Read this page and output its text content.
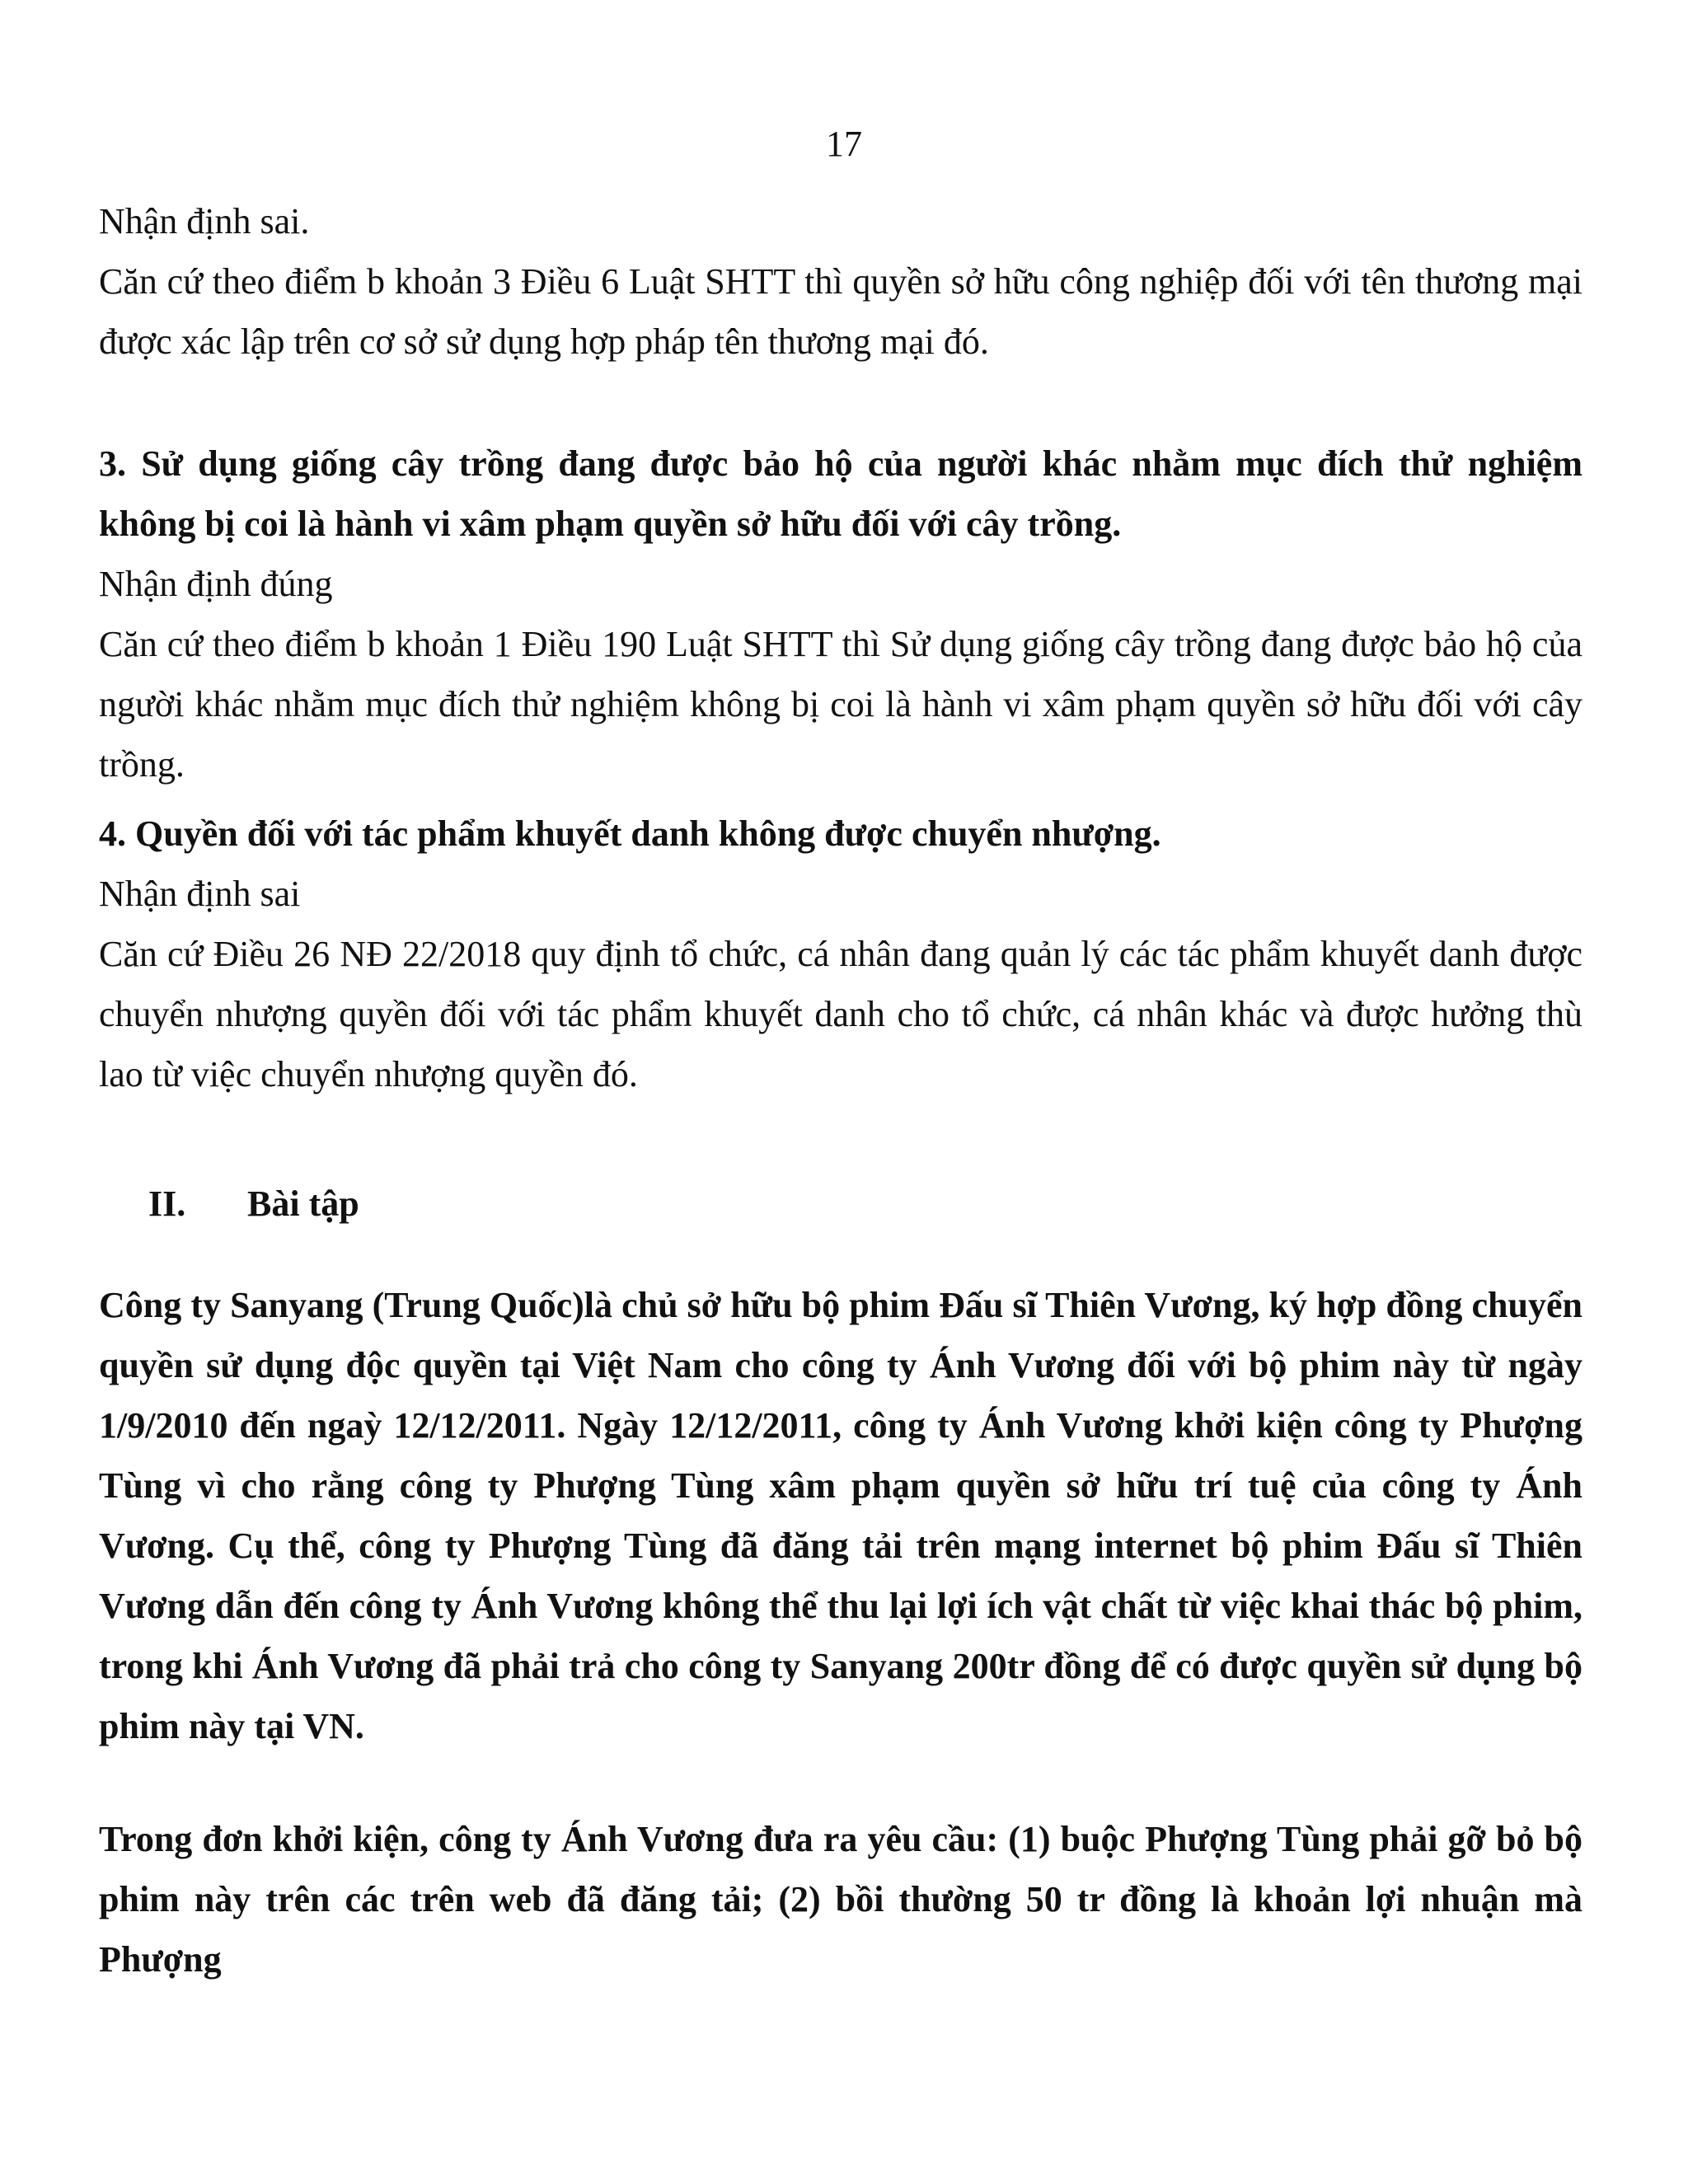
17

Nhận định sai.

Căn cứ theo điểm b khoản 3 Điều 6 Luật SHTT thì quyền sở hữu công nghiệp đối với tên thương mại được xác lập trên cơ sở sử dụng hợp pháp tên thương mại đó.

3. Sử dụng giống cây trồng đang được bảo hộ của người khác nhằm mục đích thử nghiệm không bị coi là hành vi xâm phạm quyền sở hữu đối với cây trồng.

Nhận định đúng

Căn cứ theo điểm b khoản 1 Điều 190 Luật SHTT thì Sử dụng giống cây trồng đang được bảo hộ của người khác nhằm mục đích thử nghiệm không bị coi là hành vi xâm phạm quyền sở hữu đối với cây trồng.

4. Quyền đối với tác phẩm khuyết danh không được chuyển nhượng.

Nhận định sai

Căn cứ Điều 26 NĐ 22/2018 quy định tổ chức, cá nhân đang quản lý các tác phẩm khuyết danh được chuyển nhượng quyền đối với tác phẩm khuyết danh cho tổ chức, cá nhân khác và được hưởng thù lao từ việc chuyển nhượng quyền đó.

II. Bài tập

Công ty Sanyang (Trung Quốc)là chủ sở hữu bộ phim Đấu sĩ Thiên Vương, ký hợp đồng chuyển quyền sử dụng độc quyền tại Việt Nam cho công ty Ánh Vương đối với bộ phim này từ ngày 1/9/2010 đến ngaỳ 12/12/2011. Ngày 12/12/2011, công ty Ánh Vương khởi kiện công ty Phượng Tùng vì cho rằng công ty Phượng Tùng xâm phạm quyền sở hữu trí tuệ của công ty Ánh Vương. Cụ thể, công ty Phượng Tùng đã đăng tải trên mạng internet bộ phim Đấu sĩ Thiên Vương dẫn đến công ty Ánh Vương không thể thu lại lợi ích vật chất từ việc khai thác bộ phim, trong khi Ánh Vương đã phải trả cho công ty Sanyang 200tr đồng để có được quyền sử dụng bộ phim này tại VN.

Trong đơn khởi kiện, công ty Ánh Vương đưa ra yêu cầu: (1) buộc Phượng Tùng phải gỡ bỏ bộ phim này trên các trên web đã đăng tải; (2) bồi thường 50 tr đồng là khoản lợi nhuận mà Phượng
